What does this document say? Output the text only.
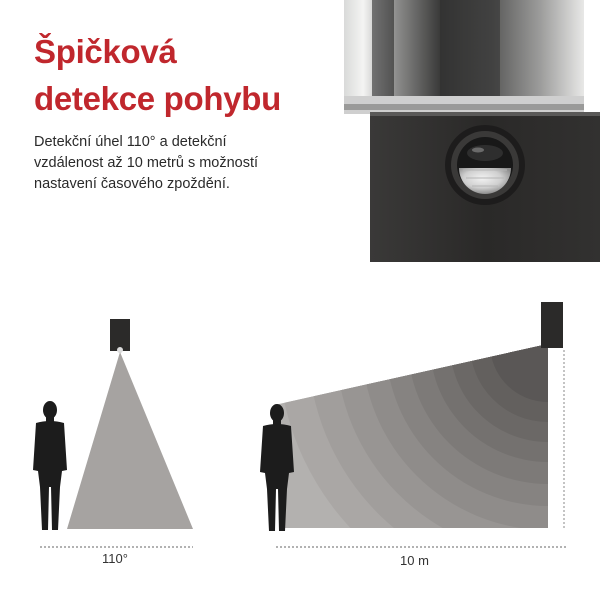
Špičková
detekce pohybu
Detekční úhel 110° a detekční
vzdálenost až 10 metrů s možností
nastavení časového zpoždění.
110°	10 m
